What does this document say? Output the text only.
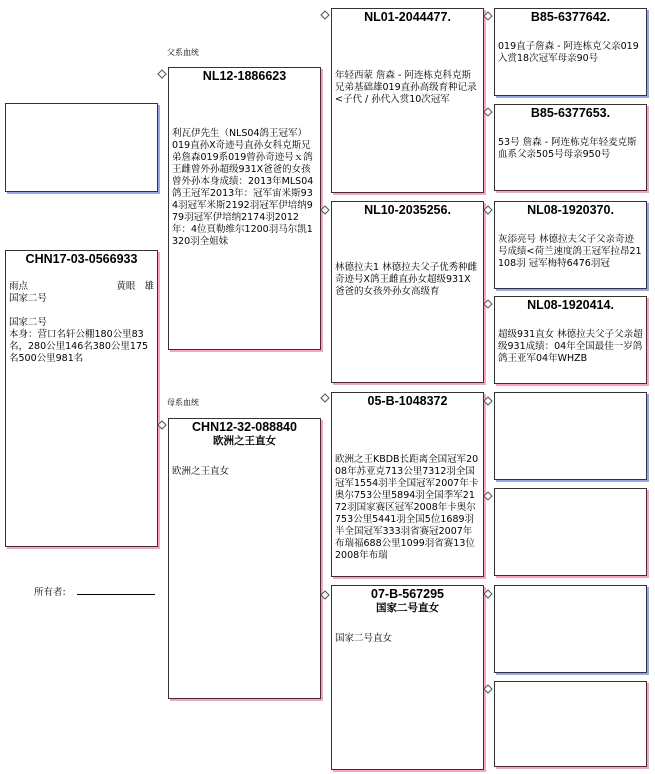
父系血统
母系血统
CHN17-03-0566933
雨点	黄眼 雄
国家二号

国家二号
本身：营口名轩公棚180公里83名，280公里146名380公里175名500公里981名
所有者:
NL12-1886623
利瓦伊先生（NLS04鸽王冠军）
019直孙Ⅹ奇迹号直孙女科克斯兄弟詹森019系019曾孙奇迹号ｘ鸽王雌曾外孙超级931X爸爸的女孩曾外孙本身成绩：2013年MLS04鸽王冠军2013年：冠军宙米斯934羽冠军米斯2192羽冠军伊培纳979羽冠军伊培纳2174羽2012年：4位頁勒维尔1200羽马尔凯1320羽全姐妹
CHN12-32-088840
欧洲之王直女
欧洲之王直女
NL01-2044477.
年轻西蒙 詹森 - 阿连栋克科克斯兄弟基础雄019直孙高级育种记录<子代 / 孙代入赏10次冠军
NL10-2035256.
林德拉夫1 林德拉夫父子优秀种雌奇迹号X鸽王雌直孙女超级931X爸爸的女孩外孙女高级育
05-B-1048372
欧洲之王KBDB长距离全国冠军2008年苏亚克713公里7312羽全国冠军1554羽半全国冠军2007年卡奥尔753公里5894羽全国季军2172羽国家赛区冠军2008年卡奥尔753公里5441羽全国5位1689羽半全国冠军333羽省赛冠2007年布瑞福688公里1099羽省赛13位2008年布瑞
07-B-567295
国家二号直女
国家二号直女
B85-6377642.
019直子詹森 - 阿连栋克父亲019入赏18次冠军母亲90号
B85-6377653.
53号 詹森 - 阿连栋克年轻麦克斯血系父亲505号母亲950号
NL08-1920370.
灰添亮号 林德拉夫父子父亲奇迹号成绩<荷兰速度鸽王冠军拉昂21108羽 冠军梅特6476羽冠
NL08-1920414.
超级931直女 林德拉夫父子父亲超级931成绩：04年全国最佳一岁鸽鸽王亚军04年WHZB
